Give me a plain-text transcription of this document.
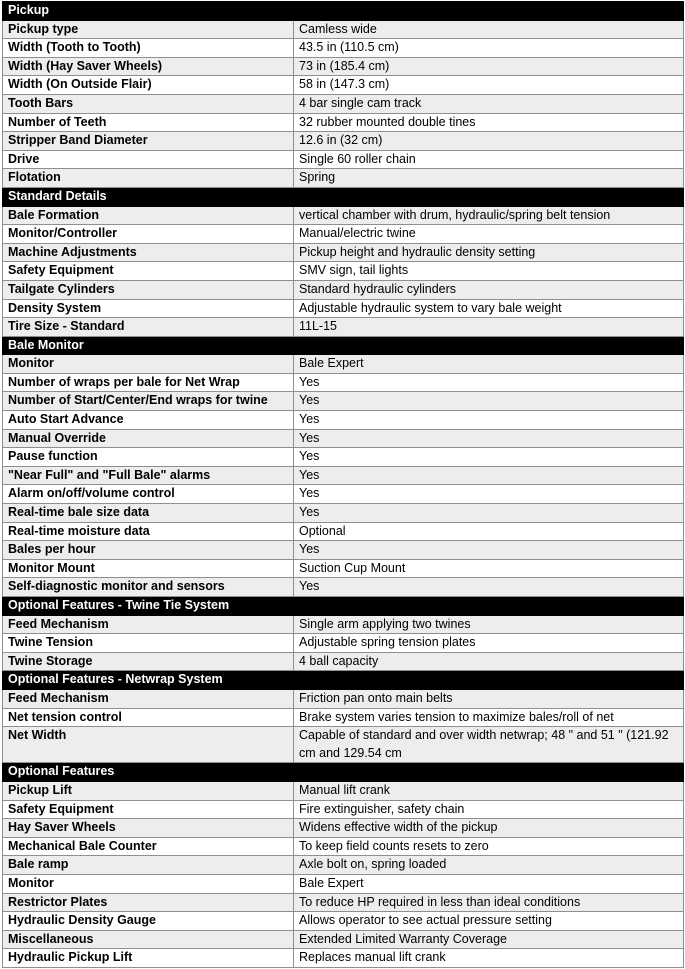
Pickup	
Pickup type	Camless wide
Width (Tooth to Tooth)	43.5 in (110.5 cm)
Width (Hay Saver Wheels)	73 in (185.4 cm)
Width (On Outside Flair)	58 in (147.3 cm)
Tooth Bars	4 bar single cam track
Number of Teeth	32 rubber mounted double tines
Stripper Band Diameter	12.6 in (32 cm)
Drive	Single 60 roller chain
Flotation	Spring
Standard Details	
Bale Formation	vertical chamber with drum, hydraulic/spring belt tension
Monitor/Controller	Manual/electric twine
Machine Adjustments	Pickup height and hydraulic density setting
Safety Equipment	SMV sign, tail lights
Tailgate Cylinders	Standard hydraulic cylinders
Density System	Adjustable hydraulic system to vary bale weight
Tire Size - Standard	11L-15
Bale Monitor	
Monitor	Bale Expert
Number of wraps per bale for Net Wrap	Yes
Number of Start/Center/End wraps for twine	Yes
Auto Start Advance	Yes
Manual Override	Yes
Pause function	Yes
"Near Full" and "Full Bale" alarms	Yes
Alarm on/off/volume control	Yes
Real-time bale size data	Yes
Real-time moisture data	Optional
Bales per hour	Yes
Monitor Mount	Suction Cup Mount
Self-diagnostic monitor and sensors	Yes
Optional Features - Twine Tie System	
Feed Mechanism	Single arm applying two twines
Twine Tension	Adjustable spring tension plates
Twine Storage	4 ball capacity
Optional Features - Netwrap System	
Feed Mechanism	Friction pan onto main belts
Net tension control	Brake system varies tension to maximize bales/roll of net
Net Width	Capable of standard and over width netwrap; 48 " and 51 " (121.92 cm and 129.54 cm
Optional Features	
Pickup Lift	Manual lift crank
Safety Equipment	Fire extinguisher, safety chain
Hay Saver Wheels	Widens effective width of the pickup
Mechanical Bale Counter	To keep field counts resets to zero
Bale ramp	Axle bolt on, spring loaded
Monitor	Bale Expert
Restrictor Plates	To reduce HP required in less than ideal conditions
Hydraulic Density Gauge	Allows operator to see actual pressure setting
Miscellaneous	Extended Limited Warranty Coverage
Hydraulic Pickup Lift	Replaces manual lift crank
